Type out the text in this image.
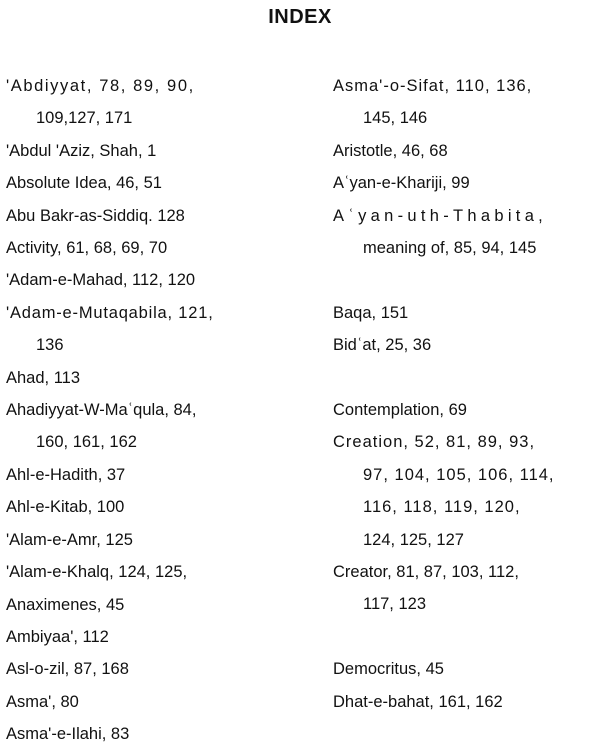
INDEX
'Abdiyyat, 78, 89, 90,
109,127, 171
'Abdul 'Aziz, Shah, 1
Absolute Idea, 46, 51
Abu Bakr-as-Siddiq. 128
Activity, 61, 68, 69, 70
'Adam-e-Mahad, 112, 120
'Adam-e-Mutaqabila, 121,
136
Ahad, 113
Ahadiyyat-W-Maʿqula, 84,
160, 161, 162
Ahl-e-Hadith, 37
Ahl-e-Kitab, 100
'Alam-e-Amr, 125
'Alam-e-Khalq, 124, 125,
Anaximenes, 45
Ambiyaa', 112
Asl-o-zil, 87, 168
Asma', 80
Asma'-e-Ilahi, 83
Asma'-o-Sifat, 110, 136,
145, 146
Aristotle, 46, 68
Aʿyan-e-Khariji, 99
Aʿyan-uth-Thabita,
meaning of, 85, 94, 145
Baqa, 151
Bidʿat, 25, 36
Contemplation, 69
Creation, 52, 81, 89, 93,
97, 104, 105, 106, 114,
116, 118, 119, 120,
124, 125, 127
Creator, 81, 87, 103, 112,
117, 123
Democritus, 45
Dhat-e-bahat, 161, 162
